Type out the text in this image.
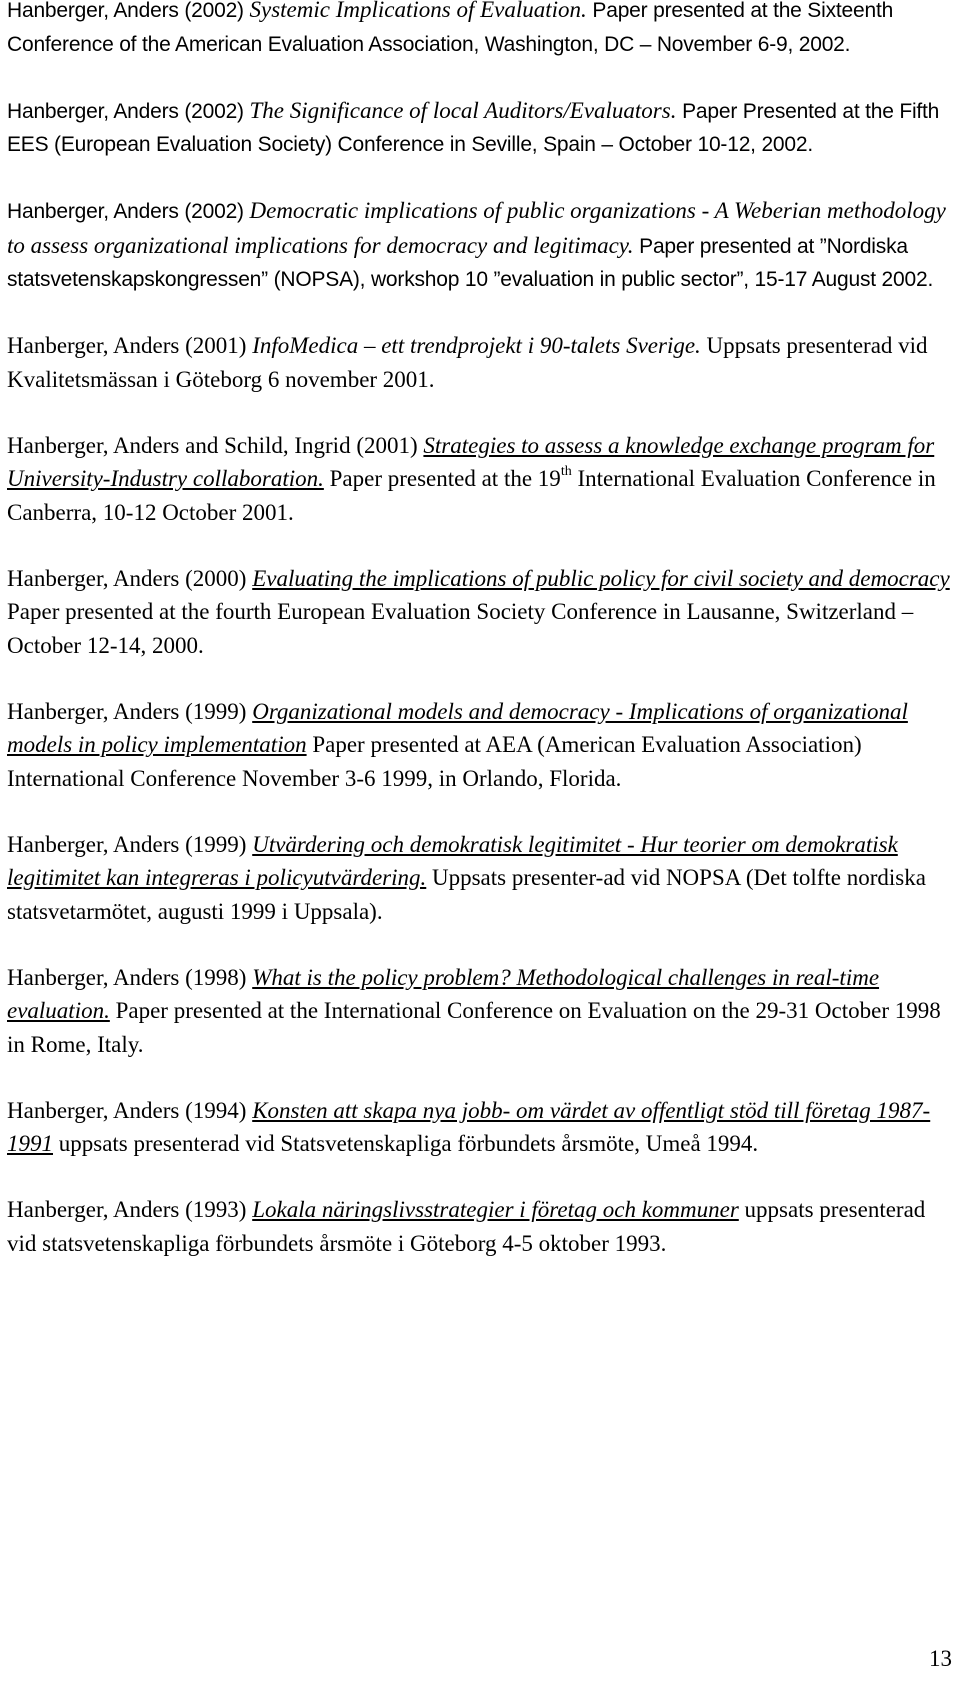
Hanberger, Anders (2002) Systemic Implications of Evaluation. Paper presented at the Sixteenth Conference of the American Evaluation Association, Washington, DC – November 6-9, 2002.
Hanberger, Anders (2002) The Significance of local Auditors/Evaluators. Paper Presented at the Fifth EES (European Evaluation Society) Conference in Seville, Spain – October 10-12, 2002.
Hanberger, Anders (2002) Democratic implications of public organizations - A Weberian methodology to assess organizational implications for democracy and legitimacy. Paper presented at ”Nordiska statsvetenskapskongressen” (NOPSA), workshop 10 ”evaluation in public sector”, 15-17 August 2002.
Hanberger, Anders (2001) InfoMedica – ett trendprojekt i 90-talets Sverige. Uppsats presenterad vid Kvalitetsmässan i Göteborg 6 november 2001.
Hanberger, Anders and Schild, Ingrid (2001) Strategies to assess a knowledge exchange program for University-Industry collaboration. Paper presented at the 19th International Evaluation Conference in Canberra, 10-12 October 2001.
Hanberger, Anders (2000) Evaluating the implications of public policy for civil society and democracy Paper presented at the fourth European Evaluation Society Conference in Lausanne, Switzerland – October 12-14, 2000.
Hanberger, Anders (1999) Organizational models and democracy - Implications of organizational models in policy implementation Paper presented at AEA (American Evaluation Association) International Conference November 3-6 1999, in Orlando, Florida.
Hanberger, Anders (1999) Utvärdering och demokratisk legitimitet - Hur teorier om demokratisk legitimitet kan integreras i policyutvärdering. Uppsats presenter-ad vid NOPSA (Det tolfte nordiska statsvetarmötet, augusti 1999 i Uppsala).
Hanberger, Anders (1998) What is the policy problem? Methodological challenges in real-time evaluation. Paper presented at the International Conference on Evaluation on the 29-31 October 1998 in Rome, Italy.
Hanberger, Anders (1994) Konsten att skapa nya jobb- om värdet av offentligt stöd till företag 1987-1991 uppsats presenterad vid Statsvetenskapliga förbundets årsmöte, Umeå 1994.
Hanberger, Anders (1993) Lokala näringslivsstrategier i företag och kommuner uppsats presenterad vid statsvetenskapliga förbundets årsmöte i Göteborg 4-5 oktober 1993.
13
